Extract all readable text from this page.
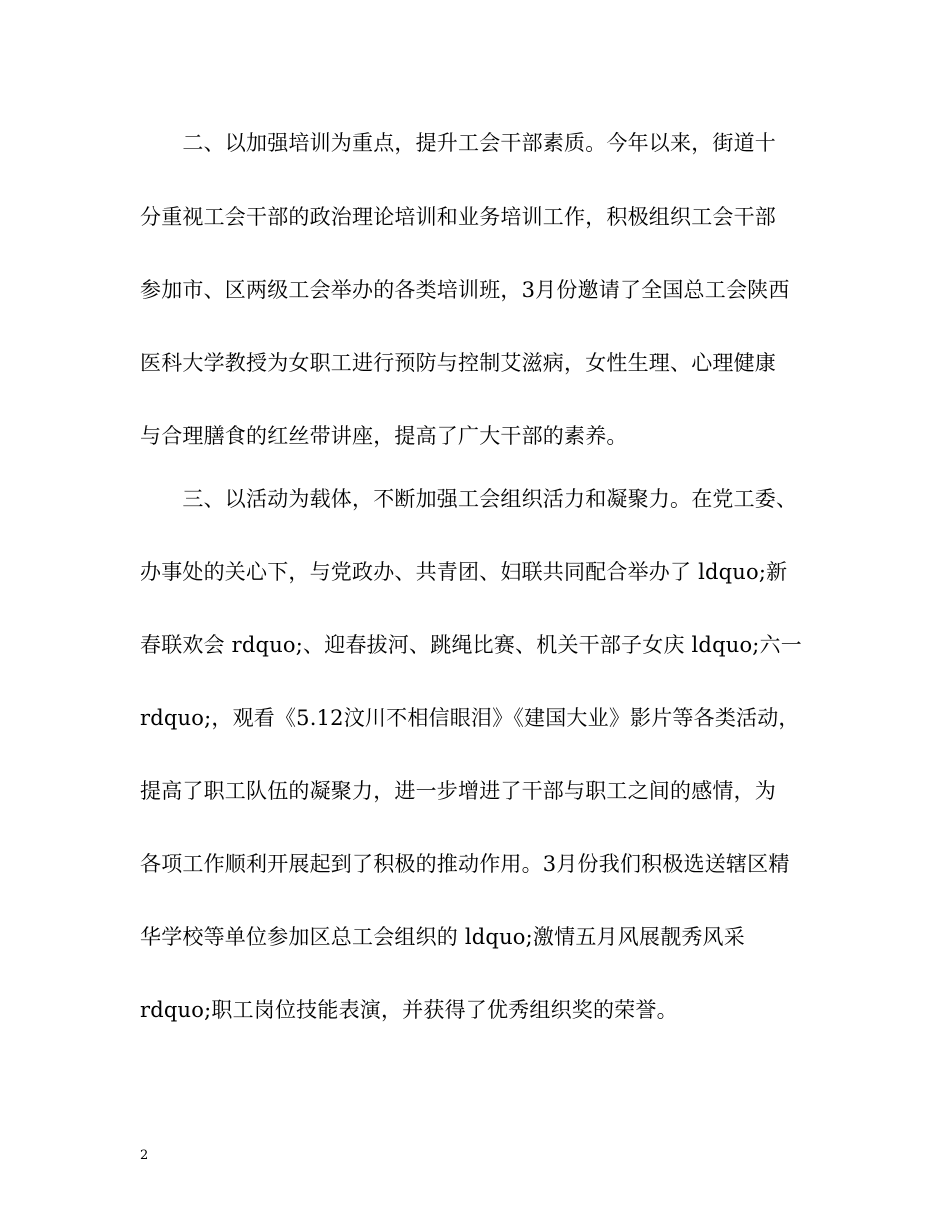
　　二、以加强培训为重点，提升工会干部素质。今年以来，街道十
分重视工会干部的政治理论培训和业务培训工作，积极组织工会干部
参加市、区两级工会举办的各类培训班，3月份邀请了全国总工会陕西
医科大学教授为女职工进行预防与控制艾滋病，女性生理、心理健康
与合理膳食的红丝带讲座，提高了广大干部的素养。
　　三、以活动为载体，不断加强工会组织活力和凝聚力。在党工委、
办事处的关心下，与党政办、共青团、妇联共同配合举办了 ldquo;新
春联欢会 rdquo;、迎春拔河、跳绳比赛、机关干部子女庆 ldquo;六一
rdquo;，观看《5.12汶川不相信眼泪》《建国大业》影片等各类活动，
提高了职工队伍的凝聚力，进一步增进了干部与职工之间的感情，为
各项工作顺利开展起到了积极的推动作用。3月份我们积极选送辖区精
华学校等单位参加区总工会组织的 ldquo;激情五月风展靓秀风采
rdquo;职工岗位技能表演，并获得了优秀组织奖的荣誉。
2
